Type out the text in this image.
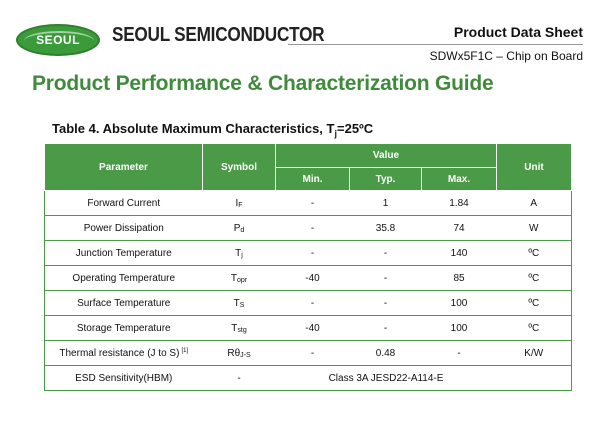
SEOUL	SEOUL SEMICONDUCTOR	Product Data Sheet
SDWx5F1C – Chip on Board
Product Performance & Characterization Guide
Table 4. Absolute Maximum Characteristics, $T_j=25ºC$
Parameter	Symbol	Value			Unit
		Min.	Typ.	Max.	
Forward Current	IF	-	1	1.84	A
Power Dissipation	Pd	-	35.8	74	W
Junction Temperature	Tj	-	-	140	ºC
Operating Temperature	Topr	-40	-	85	ºC
Surface Temperature	TS	-	-	100	ºC
Storage Temperature	Tstg	-40	-	100	ºC
Thermal resistance (J to S) [1]	RθJ-S	-	0.48	-	K/W
ESD Sensitivity(HBM)	-	Class 3A JESD22-A114-E			
